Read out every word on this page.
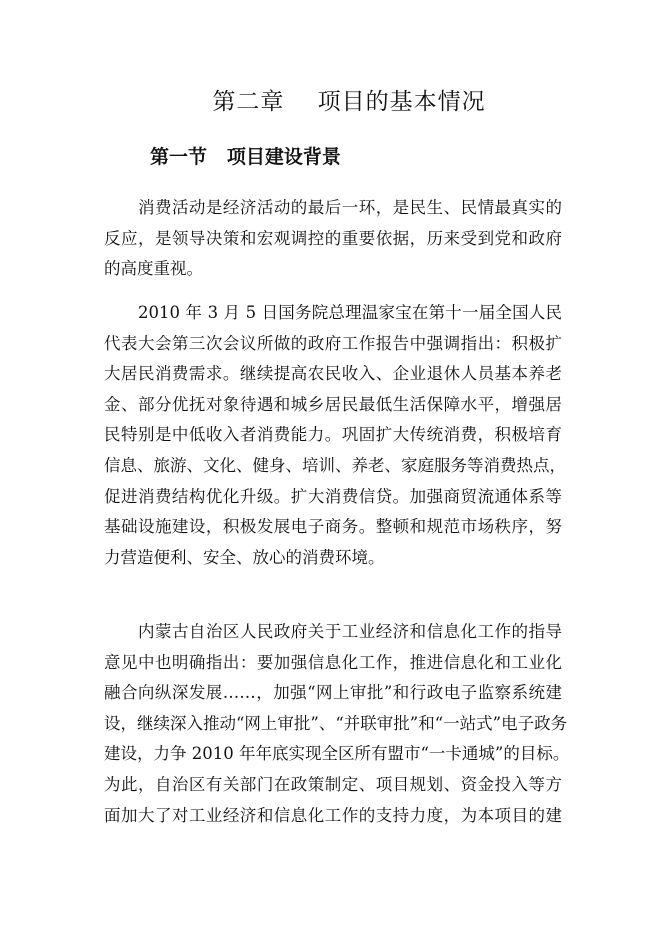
第二章    项目的基本情况
第一节   项目建设背景
消费活动是经济活动的最后一环，是民生、民情最真实的
反应，是领导决策和宏观调控的重要依据，历来受到党和政府
的高度重视。
2010 年 3 月 5 日国务院总理温家宝在第十一届全国人民
代表大会第三次会议所做的政府工作报告中强调指出：积极扩
大居民消费需求。继续提高农民收入、企业退休人员基本养老
金、部分优抚对象待遇和城乡居民最低生活保障水平，增强居
民特别是中低收入者消费能力。巩固扩大传统消费，积极培育
信息、旅游、文化、健身、培训、养老、家庭服务等消费热点，
促进消费结构优化升级。扩大消费信贷。加强商贸流通体系等
基础设施建设，积极发展电子商务。整顿和规范市场秩序，努
力营造便利、安全、放心的消费环境。
内蒙古自治区人民政府关于工业经济和信息化工作的指导
意见中也明确指出：要加强信息化工作，推进信息化和工业化
融合向纵深发展……，加强“网上审批”和行政电子监察系统建
设，继续深入推动“网上审批”、“并联审批”和“一站式”电子政务
建设，力争 2010 年年底实现全区所有盟市“一卡通城”的目标。
为此，自治区有关部门在政策制定、项目规划、资金投入等方
面加大了对工业经济和信息化工作的支持力度，为本项目的建
